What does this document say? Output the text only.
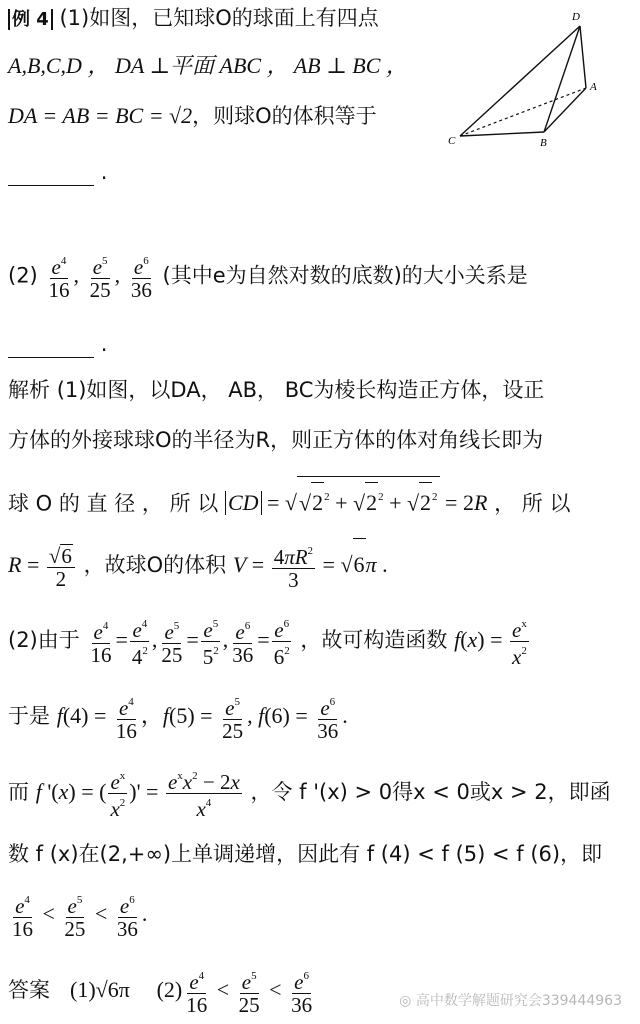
D
A
C	B
例 4 (1)如图，已知球O的球面上有四点
A,B,C,D ， DA ⊥平面 ABC ， AB ⊥ BC ，
DA = AB = BC = √2，则球O的体积等于
.
$(2) \frac{e^4}{16}$ , $\frac{e^5}{25}$ , $\frac{e^6}{36}$ (其中e为自然对数的底数)的大小关系是
.
解析 (1)如图，以DA， AB， BC为棱长构造正方体，设正
方体的外接球球O的半径为R，则正方体的体对角线长即为
球 O 的 直 径 ， 所 以 CD = $√√2^2 + √2^2 + √2^2 = 2R$ ， 所 以
$R = \frac{√6}{2}$ ，故球O的体积 $V = \frac{4\pi R^2}{3} = √6\pi$ .
(2)由于 $\frac{e^4}{16} = \frac{e^4}{4^2}$ , $\frac{e^5}{25} = \frac{e^5}{5^2}$ , $\frac{e^6}{36} = \frac{e^6}{6^2}$ ，故可构造函数 $f(x) = \frac{e^x}{x^2}$
于是 $f(4) = \frac{e^4}{16}$ ，$f(5) = \frac{e^5}{25}$ , $f(6) = \frac{e^6}{36}$ .
而 f '(x) = ( $\frac{e^x}{x^2}$ )' = $\frac{e^xx^2 - 2x}{x^4}$ ，令 f '(x) > 0得x < 0或x > 2，即函
数 f (x)在(2,+∞)上单调递增，因此有 f (4) < f (5) < f (6)，即
$\frac{e^4}{16} < \frac{e^5}{25} < \frac{e^6}{36}$ .
答案 (1)√6π $(2) \frac{e^4}{16} < \frac{e^5}{25} < \frac{e^6}{36}$	◎ 高中数学解题研究会339444963
